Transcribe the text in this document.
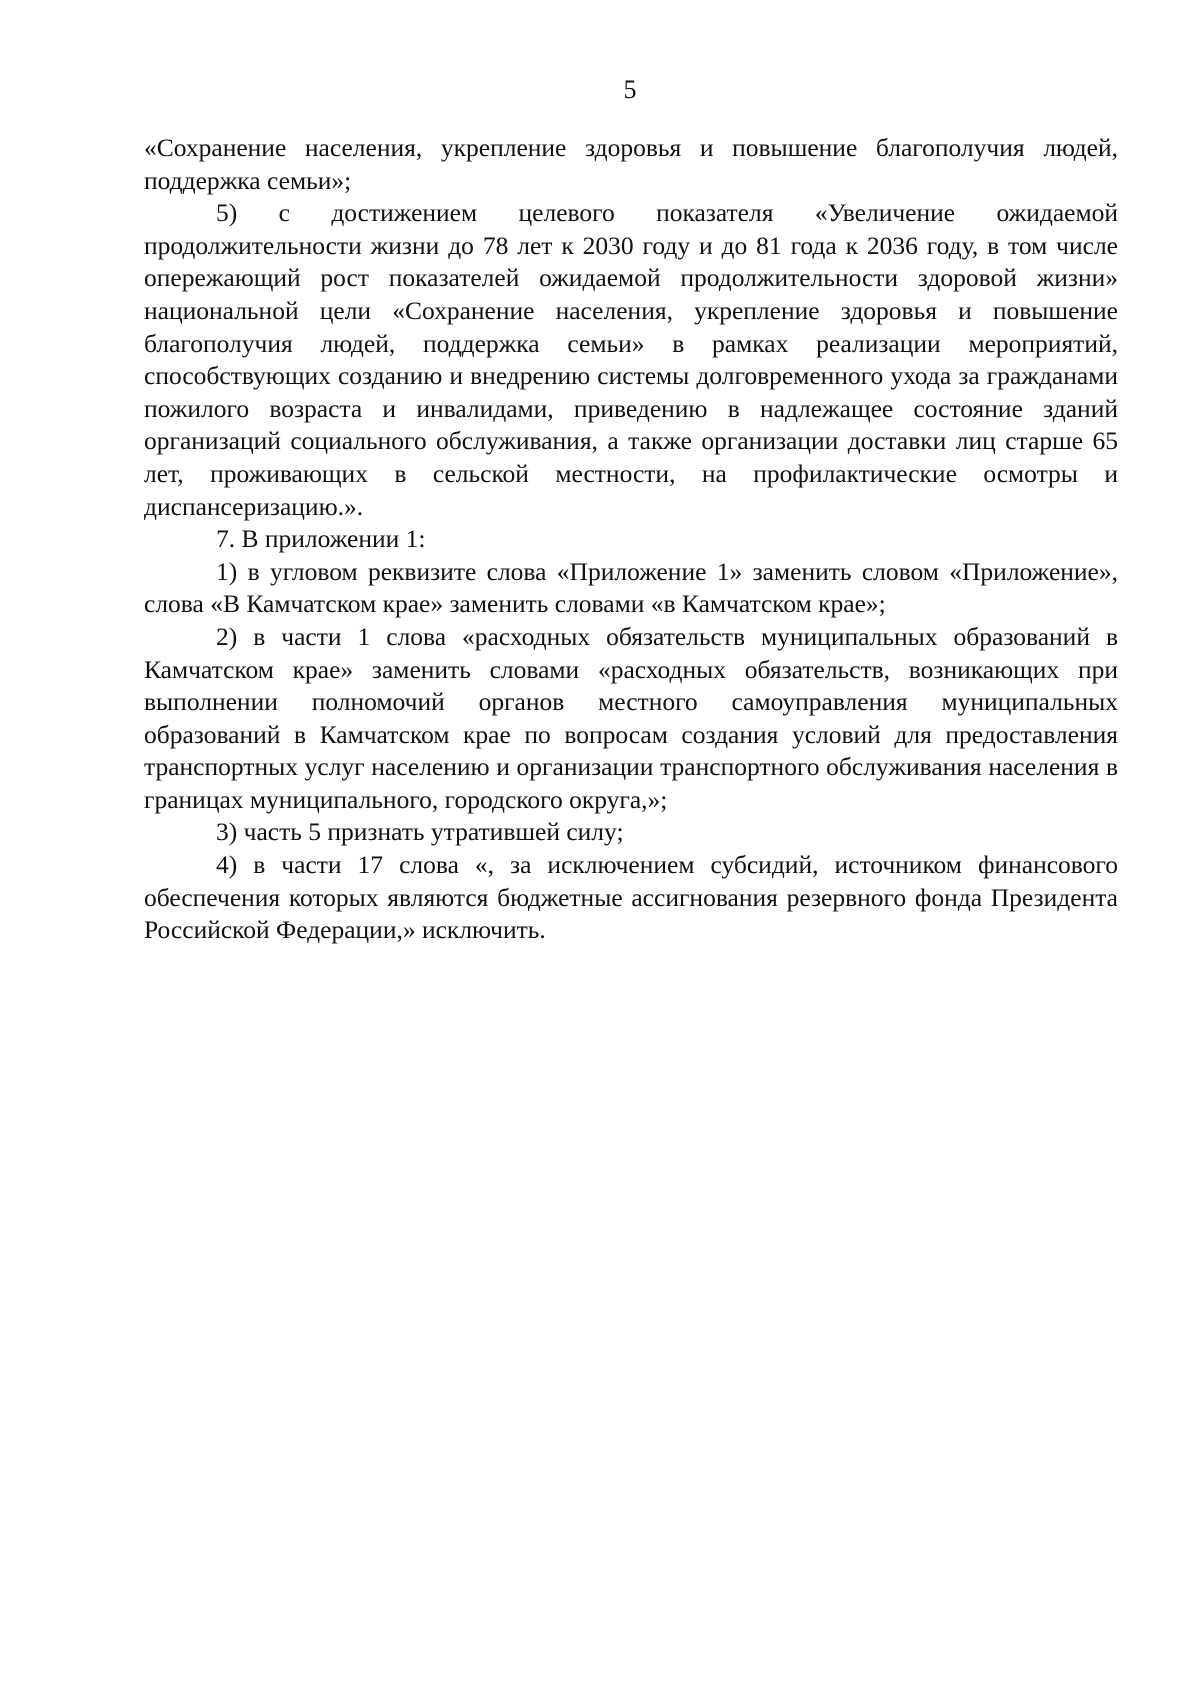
5

«Сохранение населения, укрепление здоровья и повышение благополучия людей, поддержка семьи»;

5) с достижением целевого показателя «Увеличение ожидаемой продолжительности жизни до 78 лет к 2030 году и до 81 года к 2036 году, в том числе опережающий рост показателей ожидаемой продолжительности здоровой жизни» национальной цели «Сохранение населения, укрепление здоровья и повышение благополучия людей, поддержка семьи» в рамках реализации мероприятий, способствующих созданию и внедрению системы долговременного ухода за гражданами пожилого возраста и инвалидами, приведению в надлежащее состояние зданий организаций социального обслуживания, а также организации доставки лиц старше 65 лет, проживающих в сельской местности, на профилактические осмотры и диспансеризацию.».

7. В приложении 1:

1) в угловом реквизите слова «Приложение 1» заменить словом «Приложение», слова «В Камчатском крае» заменить словами «в Камчатском крае»;

2) в части 1 слова «расходных обязательств муниципальных образований в Камчатском крае» заменить словами «расходных обязательств, возникающих при выполнении полномочий органов местного самоуправления муниципальных образований в Камчатском крае по вопросам создания условий для предоставления транспортных услуг населению и организации транспортного обслуживания населения в границах муниципального, городского округа,»;

3) часть 5 признать утратившей силу;

4) в части 17 слова «, за исключением субсидий, источником финансового обеспечения которых являются бюджетные ассигнования резервного фонда Президента Российской Федерации,» исключить.
